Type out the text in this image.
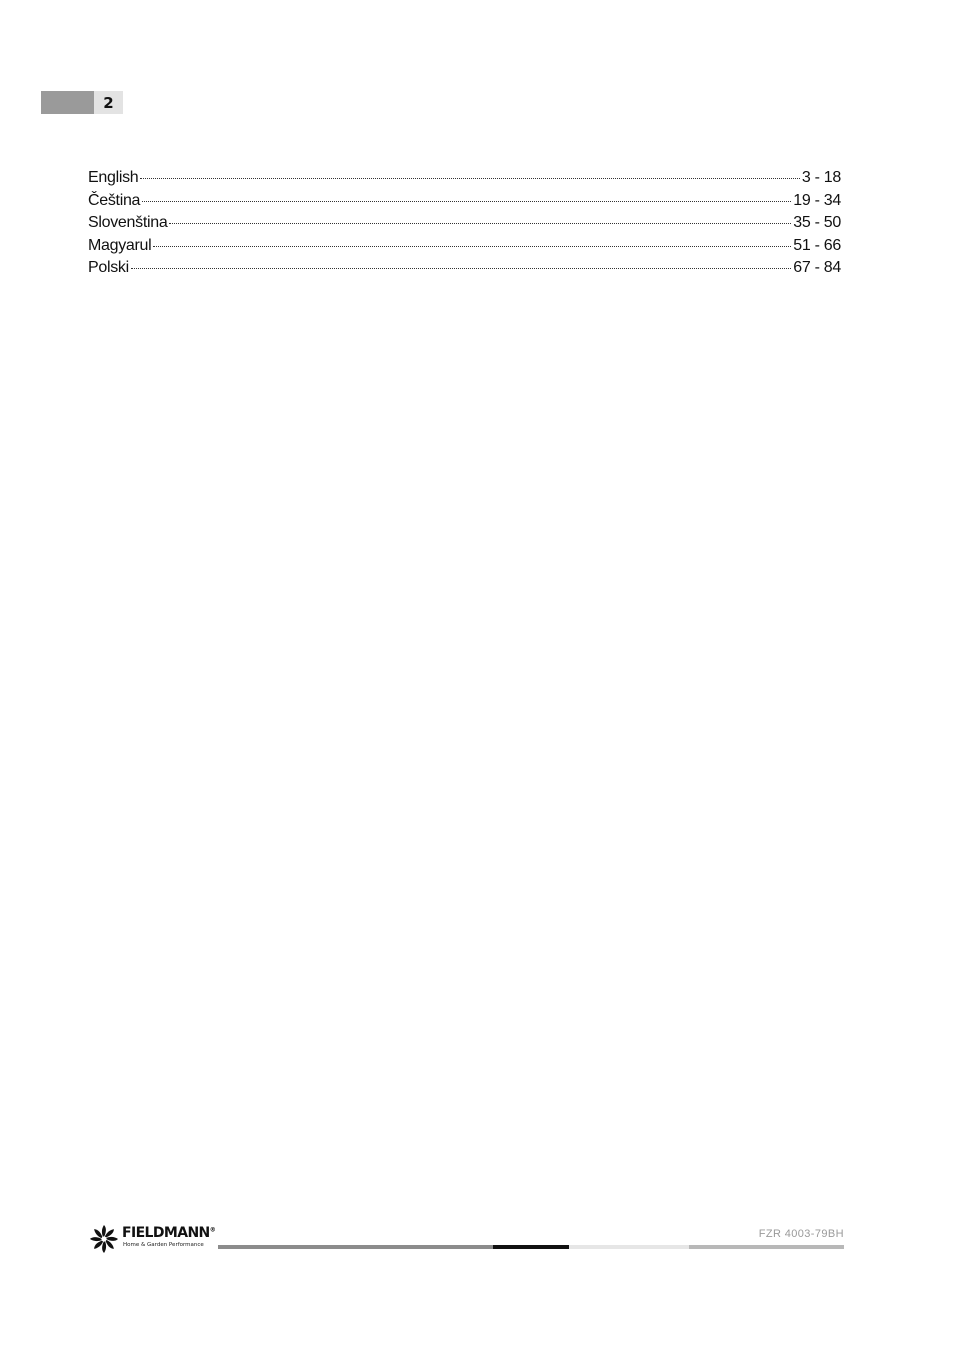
2
English	3 - 18
Čeština	19 - 34
Slovenština	35 - 50
Magyarul	51 - 66
Polski	67 - 84
FIELDMANN®
Home & Garden Performance
FZR 4003-79BH
